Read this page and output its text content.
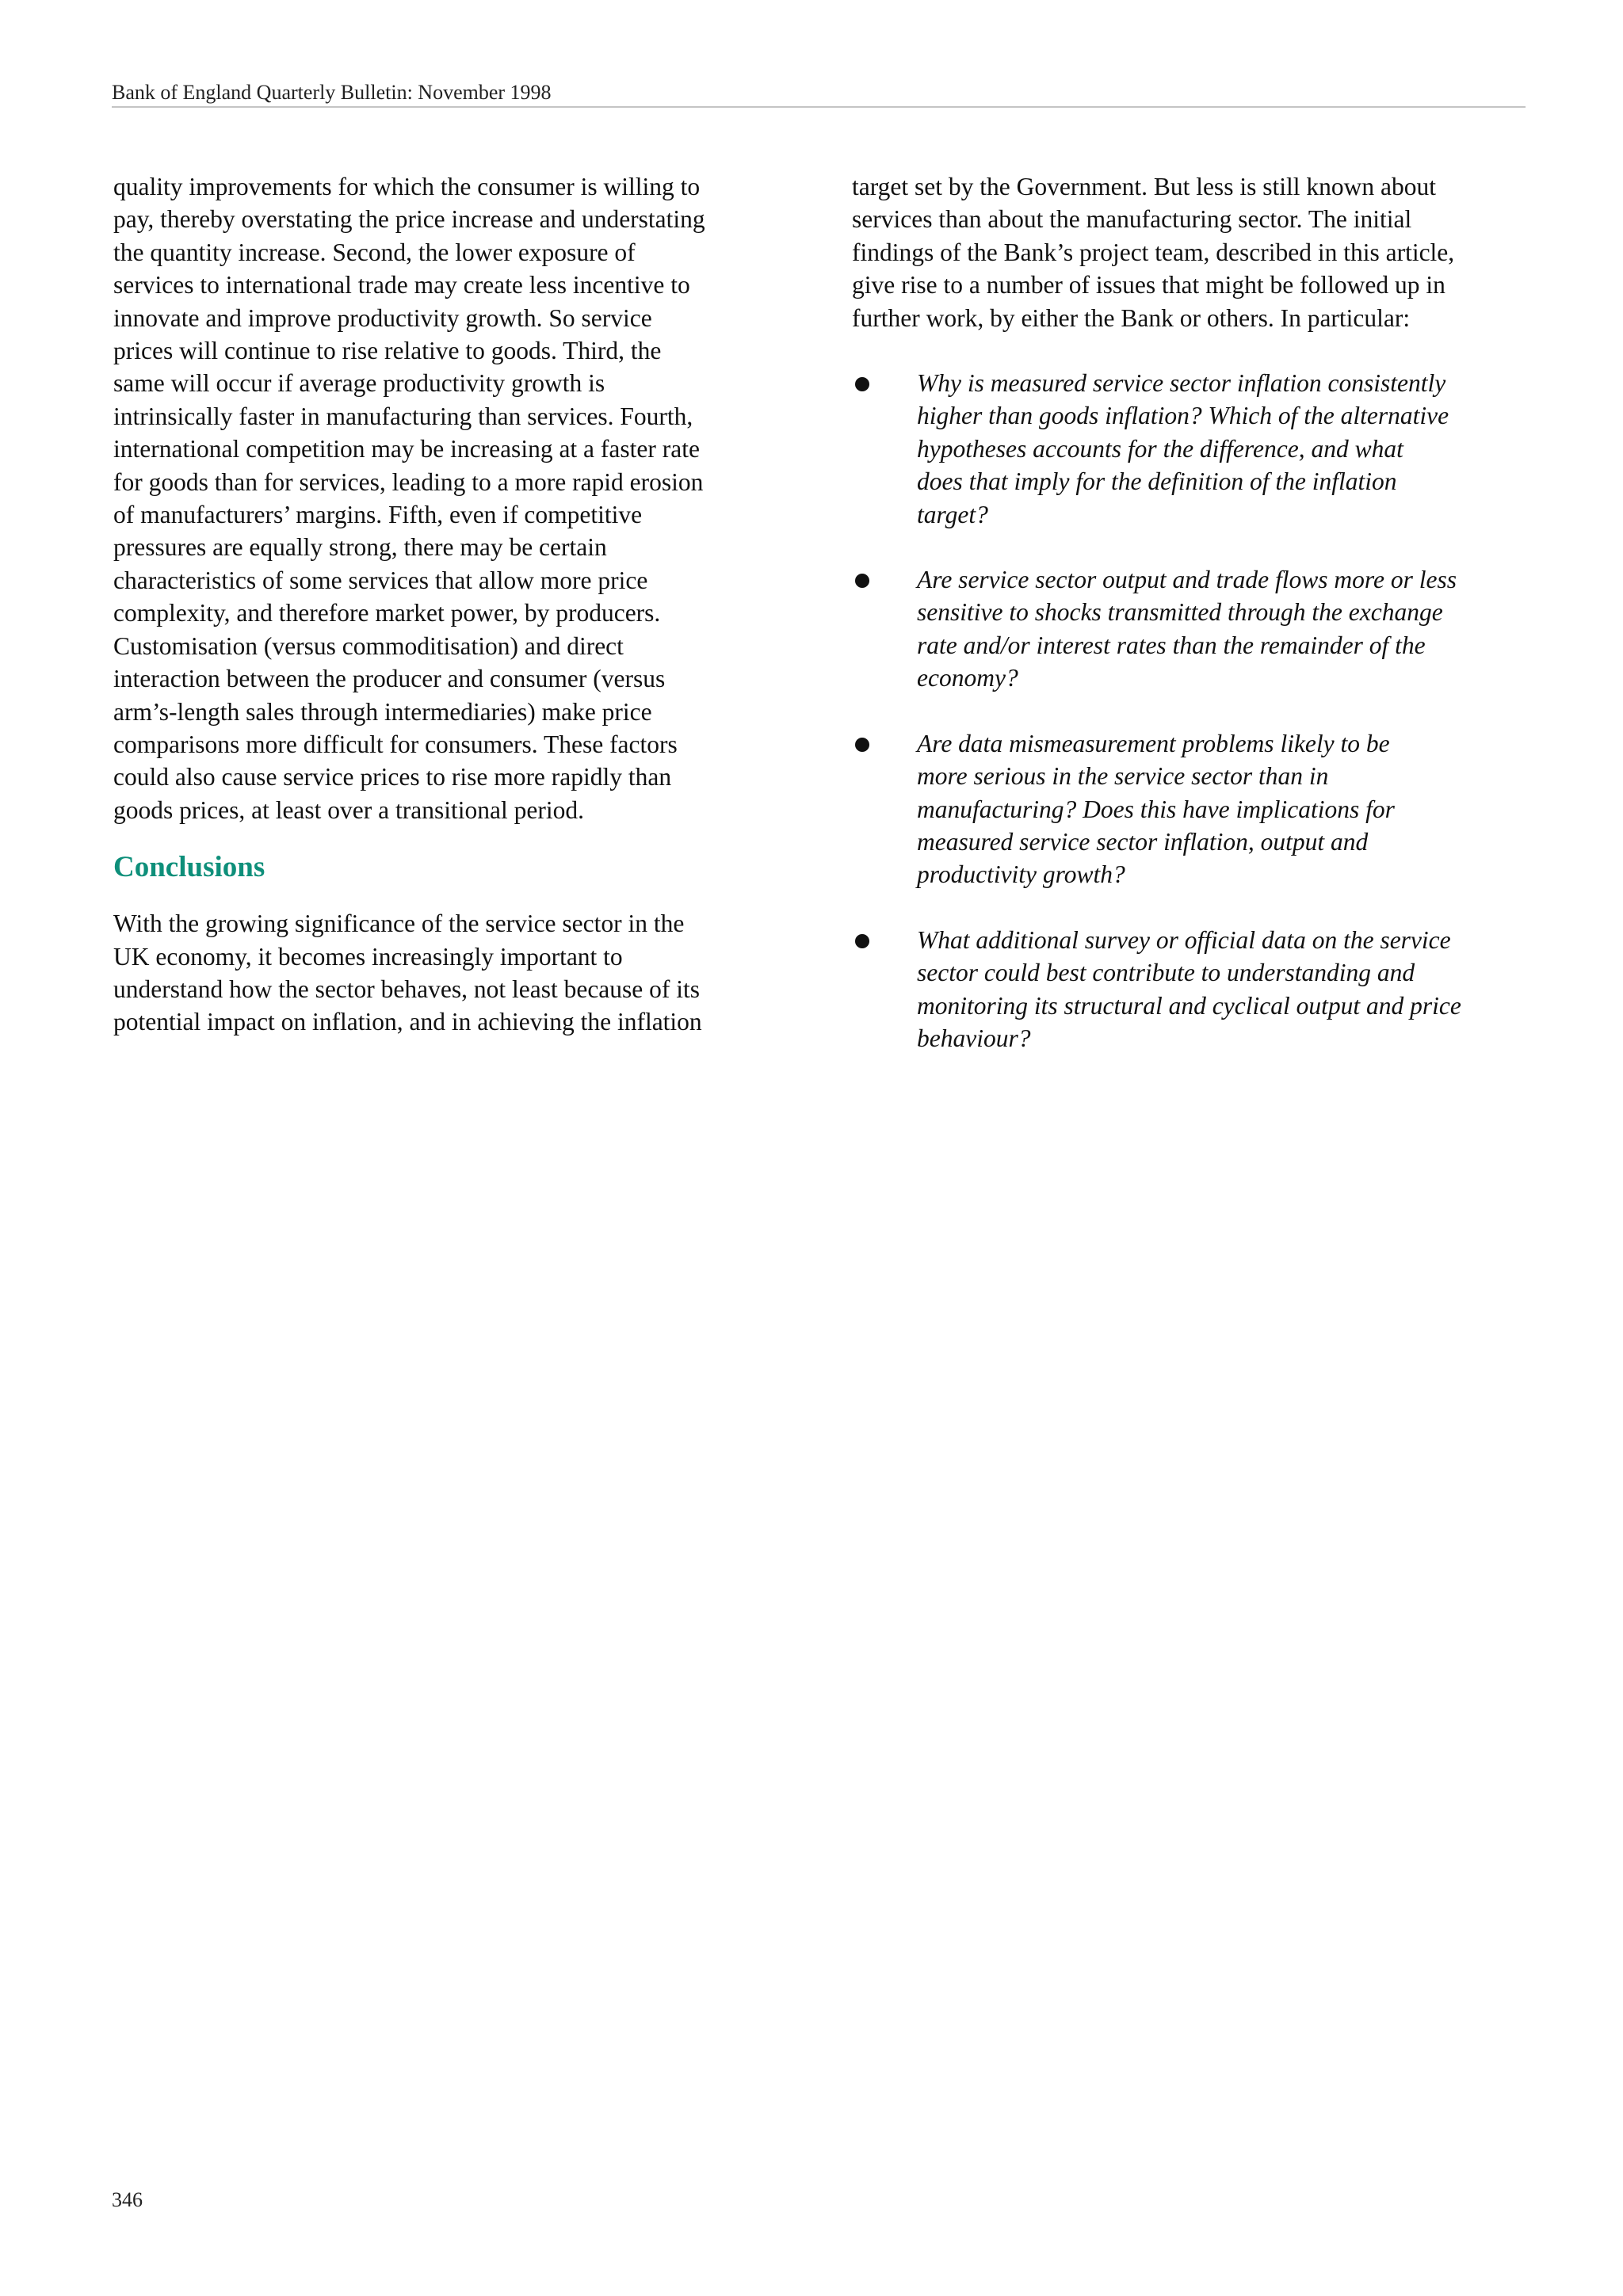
Bank of England Quarterly Bulletin: November 1998

quality improvements for which the consumer is willing to
pay, thereby overstating the price increase and understating
the quantity increase. Second, the lower exposure of
services to international trade may create less incentive to
innovate and improve productivity growth. So service
prices will continue to rise relative to goods. Third, the
same will occur if average productivity growth is
intrinsically faster in manufacturing than services. Fourth,
international competition may be increasing at a faster rate
for goods than for services, leading to a more rapid erosion
of manufacturers’ margins. Fifth, even if competitive
pressures are equally strong, there may be certain
characteristics of some services that allow more price
complexity, and therefore market power, by producers.
Customisation (versus commoditisation) and direct
interaction between the producer and consumer (versus
arm’s-length sales through intermediaries) make price
comparisons more difficult for consumers. These factors
could also cause service prices to rise more rapidly than
goods prices, at least over a transitional period.

Conclusions

With the growing significance of the service sector in the
UK economy, it becomes increasingly important to
understand how the sector behaves, not least because of its
potential impact on inflation, and in achieving the inflation

target set by the Government. But less is still known about
services than about the manufacturing sector. The initial
findings of the Bank’s project team, described in this article,
give rise to a number of issues that might be followed up in
further work, by either the Bank or others. In particular:

Why is measured service sector inflation consistently
higher than goods inflation? Which of the alternative
hypotheses accounts for the difference, and what
does that imply for the definition of the inflation
target?
Are service sector output and trade flows more or less
sensitive to shocks transmitted through the exchange
rate and/or interest rates than the remainder of the
economy?
Are data mismeasurement problems likely to be
more serious in the service sector than in
manufacturing? Does this have implications for
measured service sector inflation, output and
productivity growth?
What additional survey or official data on the service
sector could best contribute to understanding and
monitoring its structural and cyclical output and price
behaviour?
346
